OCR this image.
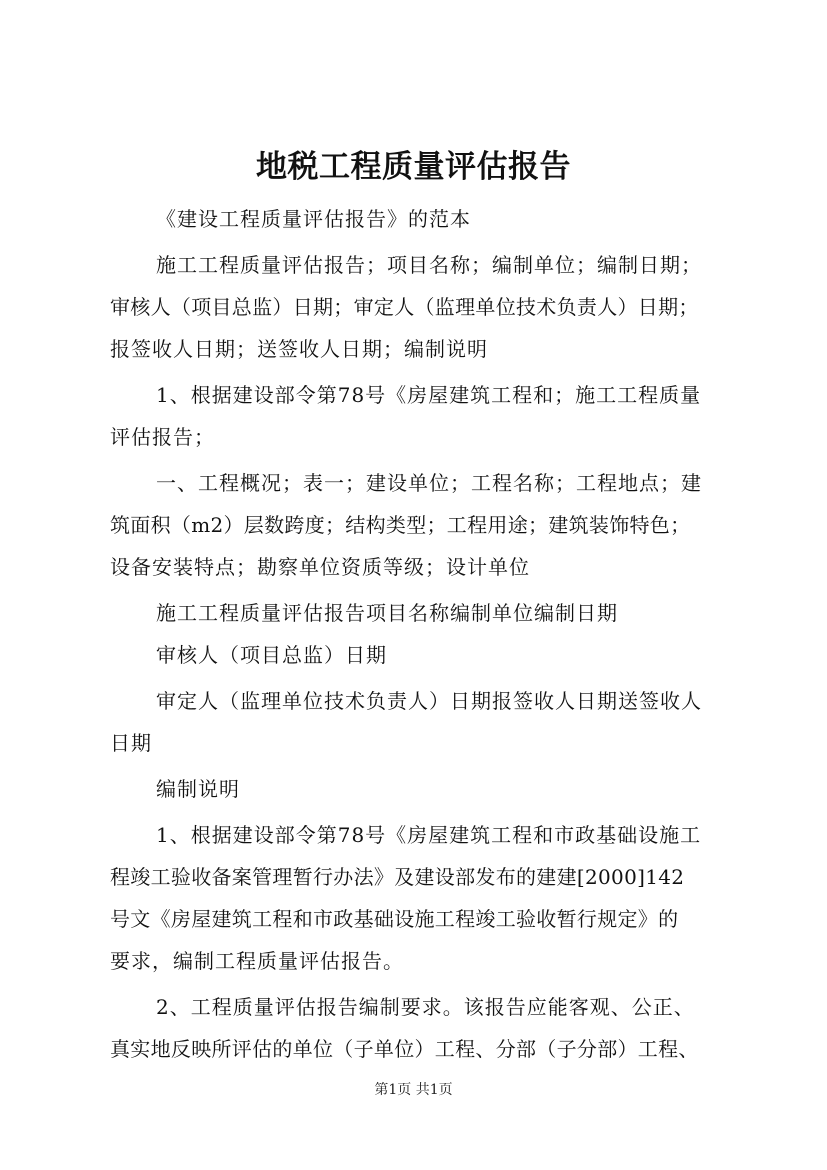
地税工程质量评估报告
《建设工程质量评估报告》的范本
施工工程质量评估报告；项目名称；编制单位；编制日期；
审核人（项目总监）日期；审定人（监理单位技术负责人）日期；
报签收人日期；送签收人日期；编制说明
1、根据建设部令第78号《房屋建筑工程和；施工工程质量
评估报告；
一、工程概况；表一；建设单位；工程名称；工程地点；建
筑面积（m2）层数跨度；结构类型；工程用途；建筑装饰特色；
设备安装特点；勘察单位资质等级；设计单位
施工工程质量评估报告项目名称编制单位编制日期
审核人（项目总监）日期
审定人（监理单位技术负责人）日期报签收人日期送签收人
日期
编制说明
1、根据建设部令第78号《房屋建筑工程和市政基础设施工
程竣工验收备案管理暂行办法》及建设部发布的建建[2000]142
号文《房屋建筑工程和市政基础设施工程竣工验收暂行规定》的
要求，编制工程质量评估报告。
2、工程质量评估报告编制要求。该报告应能客观、公正、
真实地反映所评估的单位（子单位）工程、分部（子分部）工程、
第1页 共1页
